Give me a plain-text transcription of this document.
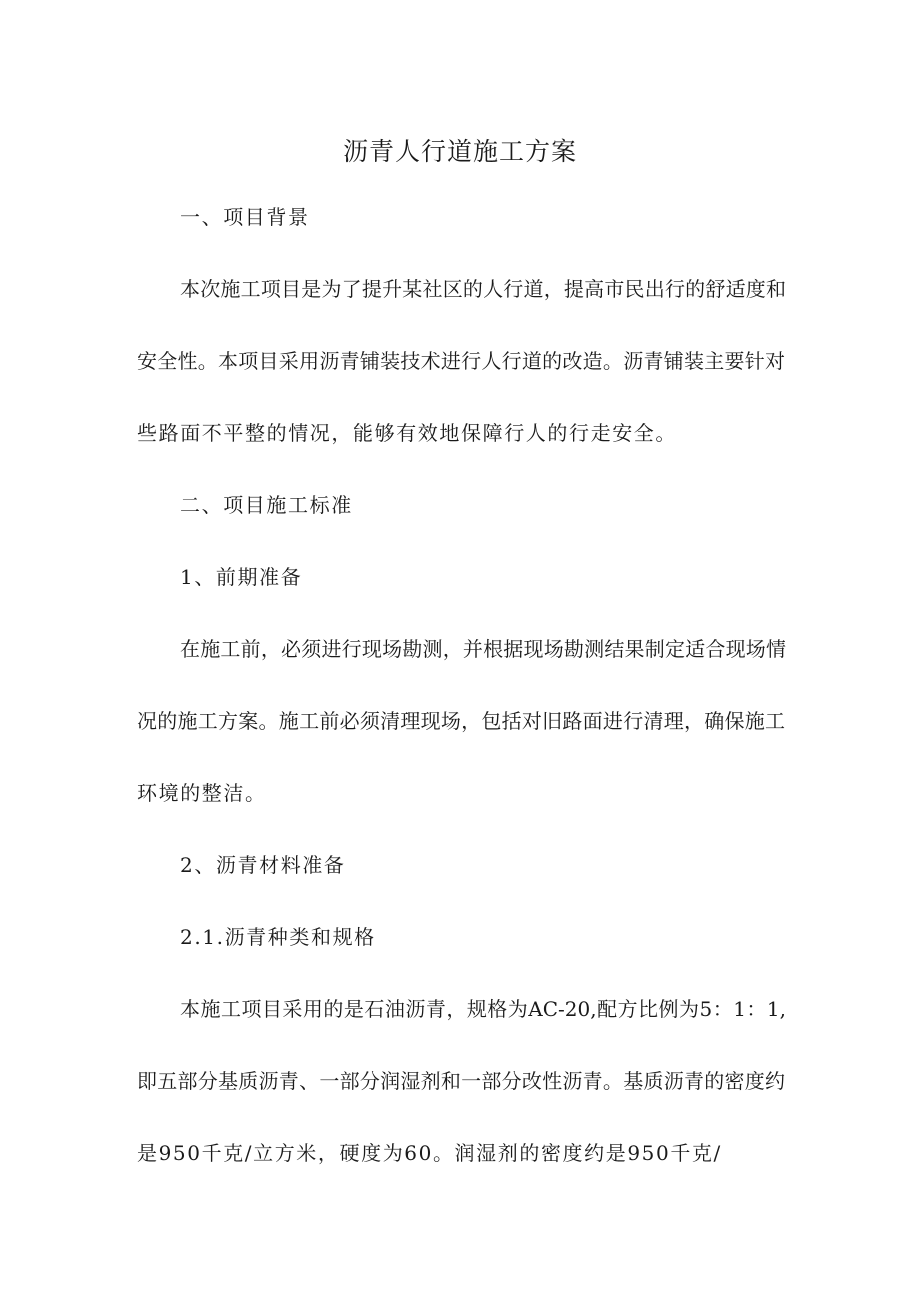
沥青人行道施工方案

一、项目背景

本次施工项目是为了提升某社区的人行道，提高市民出行的舒适度和

安全性。本项目采用沥青铺装技术进行人行道的改造。沥青铺装主要针对

些路面不平整的情况，能够有效地保障行人的行走安全。

二、项目施工标准

1、前期准备

在施工前，必须进行现场勘测，并根据现场勘测结果制定适合现场情

况的施工方案。施工前必须清理现场，包括对旧路面进行清理，确保施工

环境的整洁。

2、沥青材料准备

2.1.沥青种类和规格

本施工项目采用的是石油沥青，规格为AC-20,配方比例为5：1：1,

即五部分基质沥青、一部分润湿剂和一部分改性沥青。基质沥青的密度约

是950千克/立方米，硬度为60。润湿剂的密度约是950千克/
